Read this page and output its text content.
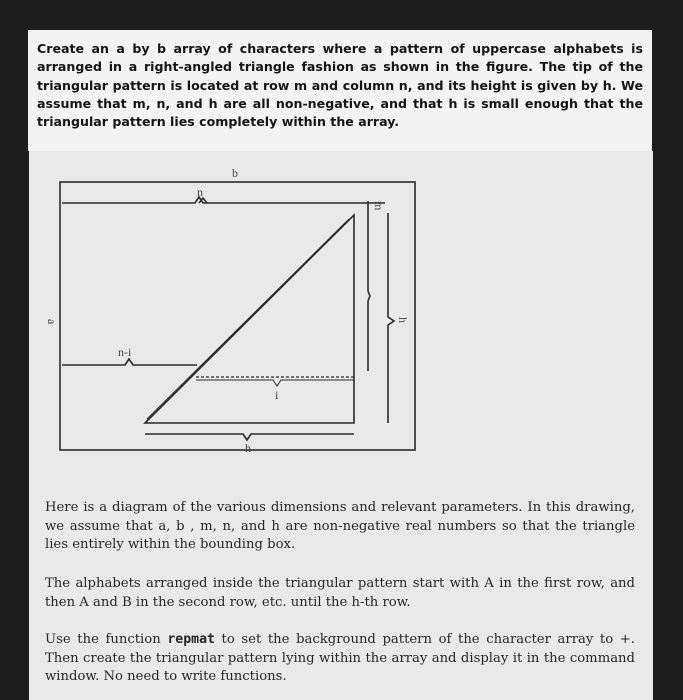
Create an a by b array of characters where a pattern of uppercase alphabets is arranged in a right-angled triangle fashion as shown in the figure. The tip of the triangular pattern is located at row m and column n, and its height is given by h. We assume that m, n, and h are all non-negative, and that h is small enough that the triangular pattern lies completely within the array.

b
n
m
a	h
n-i
i
h

Here is a diagram of the various dimensions and relevant parameters. In this drawing, we assume that a, b , m, n, and h are non-negative real numbers so that the triangle lies entirely within the bounding box.

The alphabets arranged inside the triangular pattern start with A in the first row, and then A and B in the second row, etc. until the h-th row.

Use the function repmat to set the background pattern of the character array to +. Then create the triangular pattern lying within the array and display it in the command window. No need to write functions.
